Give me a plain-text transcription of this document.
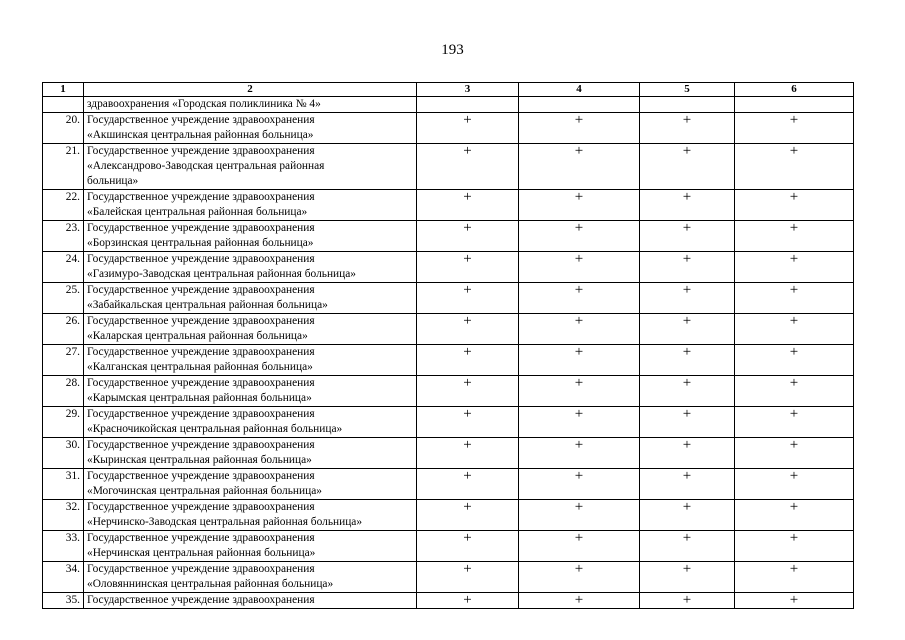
193
1	2	3	4	5	6

	здравоохранения «Городская поликлиника № 4»				

20.	Государственное учреждение здравоохранения
«Акшинская центральная районная больница»	+	+	+	+
21.	Государственное учреждение здравоохранения
«Александрово-Заводская центральная районная
больница»	+	+	+	+
22.	Государственное учреждение здравоохранения
«Балейская центральная районная больница»	+	+	+	+
23.	Государственное учреждение здравоохранения
«Борзинская центральная районная больница»	+	+	+	+
24.	Государственное учреждение здравоохранения
«Газимуро-Заводская центральная районная больница»	+	+	+	+
25.	Государственное учреждение здравоохранения
«Забайкальская центральная районная больница»	+	+	+	+
26.	Государственное учреждение здравоохранения
«Каларская центральная районная больница»	+	+	+	+
27.	Государственное учреждение здравоохранения
«Калганская центральная районная больница»	+	+	+	+
28.	Государственное учреждение здравоохранения
«Карымская центральная районная больница»	+	+	+	+
29.	Государственное учреждение здравоохранения
«Красночикойская центральная районная больница»	+	+	+	+
30.	Государственное учреждение здравоохранения
«Кыринская центральная районная больница»	+	+	+	+
31.	Государственное учреждение здравоохранения
«Могочинская центральная районная больница»	+	+	+	+
32.	Государственное учреждение здравоохранения
«Нерчинско-Заводская центральная районная больница»	+	+	+	+
33.	Государственное учреждение здравоохранения
«Нерчинская центральная районная больница»	+	+	+	+
34.	Государственное учреждение здравоохранения
«Оловяннинская центральная районная больница»	+	+	+	+
35.	Государственное учреждение здравоохранения	+	+	+	+
